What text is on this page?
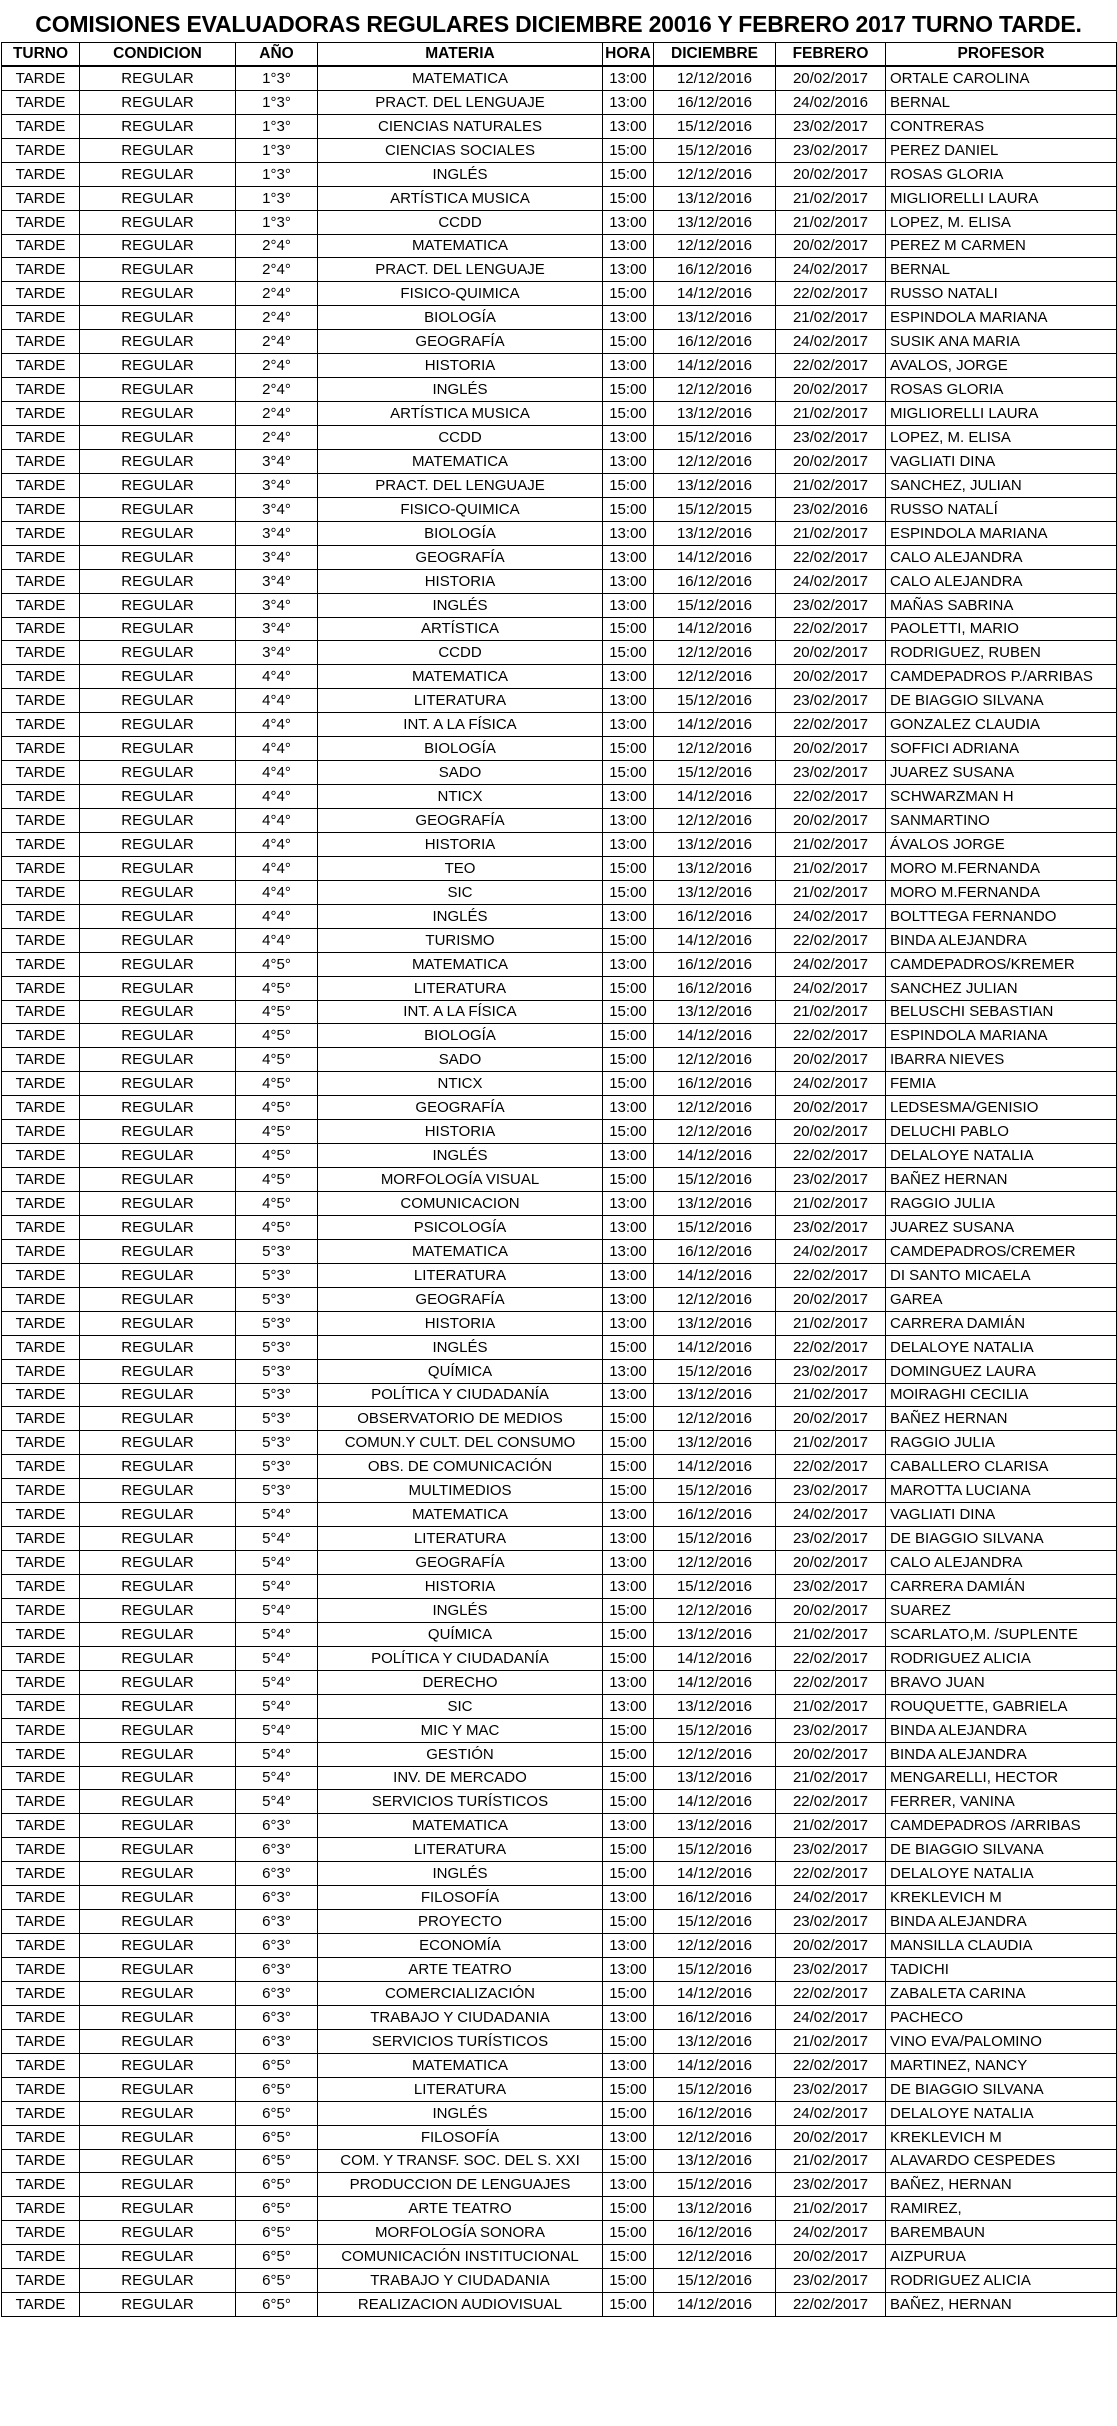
COMISIONES EVALUADORAS REGULARES DICIEMBRE 20016 Y FEBRERO 2017 TURNO TARDE.
TURNO	CONDICION	AÑO	MATERIA	HORA	DICIEMBRE	FEBRERO	PROFESOR
TARDE	REGULAR	1°3°	MATEMATICA	13:00	12/12/2016	20/02/2017	ORTALE CAROLINA
TARDE	REGULAR	1°3°	PRACT. DEL LENGUAJE	13:00	16/12/2016	24/02/2016	BERNAL
TARDE	REGULAR	1°3°	CIENCIAS NATURALES	13:00	15/12/2016	23/02/2017	CONTRERAS
TARDE	REGULAR	1°3°	CIENCIAS SOCIALES	15:00	15/12/2016	23/02/2017	PEREZ DANIEL
TARDE	REGULAR	1°3°	INGLÉS	15:00	12/12/2016	20/02/2017	ROSAS GLORIA
TARDE	REGULAR	1°3°	ARTÍSTICA MUSICA	15:00	13/12/2016	21/02/2017	MIGLIORELLI LAURA
TARDE	REGULAR	1°3°	CCDD	13:00	13/12/2016	21/02/2017	LOPEZ, M. ELISA
TARDE	REGULAR	2°4°	MATEMATICA	13:00	12/12/2016	20/02/2017	PEREZ M CARMEN
TARDE	REGULAR	2°4°	PRACT. DEL LENGUAJE	13:00	16/12/2016	24/02/2017	BERNAL
TARDE	REGULAR	2°4°	FISICO-QUIMICA	15:00	14/12/2016	22/02/2017	RUSSO NATALI
TARDE	REGULAR	2°4°	BIOLOGÍA	13:00	13/12/2016	21/02/2017	ESPINDOLA MARIANA
TARDE	REGULAR	2°4°	GEOGRAFÍA	15:00	16/12/2016	24/02/2017	SUSIK ANA MARIA
TARDE	REGULAR	2°4°	HISTORIA	13:00	14/12/2016	22/02/2017	AVALOS, JORGE
TARDE	REGULAR	2°4°	INGLÉS	15:00	12/12/2016	20/02/2017	ROSAS GLORIA
TARDE	REGULAR	2°4°	ARTÍSTICA MUSICA	15:00	13/12/2016	21/02/2017	MIGLIORELLI LAURA
TARDE	REGULAR	2°4°	CCDD	13:00	15/12/2016	23/02/2017	LOPEZ, M. ELISA
TARDE	REGULAR	3°4°	MATEMATICA	13:00	12/12/2016	20/02/2017	VAGLIATI DINA
TARDE	REGULAR	3°4°	PRACT. DEL LENGUAJE	15:00	13/12/2016	21/02/2017	SANCHEZ, JULIAN
TARDE	REGULAR	3°4°	FISICO-QUIMICA	15:00	15/12/2015	23/02/2016	RUSSO NATALÍ
TARDE	REGULAR	3°4°	BIOLOGÍA	13:00	13/12/2016	21/02/2017	ESPINDOLA MARIANA
TARDE	REGULAR	3°4°	GEOGRAFÍA	13:00	14/12/2016	22/02/2017	CALO ALEJANDRA
TARDE	REGULAR	3°4°	HISTORIA	13:00	16/12/2016	24/02/2017	CALO ALEJANDRA
TARDE	REGULAR	3°4°	INGLÉS	13:00	15/12/2016	23/02/2017	MAÑAS SABRINA
TARDE	REGULAR	3°4°	ARTÍSTICA	15:00	14/12/2016	22/02/2017	PAOLETTI, MARIO
TARDE	REGULAR	3°4°	CCDD	15:00	12/12/2016	20/02/2017	RODRIGUEZ, RUBEN
TARDE	REGULAR	4°4°	MATEMATICA	13:00	12/12/2016	20/02/2017	CAMDEPADROS P./ARRIBAS
TARDE	REGULAR	4°4°	LITERATURA	13:00	15/12/2016	23/02/2017	DE BIAGGIO SILVANA
TARDE	REGULAR	4°4°	INT. A LA FÍSICA	13:00	14/12/2016	22/02/2017	GONZALEZ CLAUDIA
TARDE	REGULAR	4°4°	BIOLOGÍA	15:00	12/12/2016	20/02/2017	SOFFICI ADRIANA
TARDE	REGULAR	4°4°	SADO	15:00	15/12/2016	23/02/2017	JUAREZ SUSANA
TARDE	REGULAR	4°4°	NTICX	13:00	14/12/2016	22/02/2017	SCHWARZMAN H
TARDE	REGULAR	4°4°	GEOGRAFÍA	13:00	12/12/2016	20/02/2017	SANMARTINO
TARDE	REGULAR	4°4°	HISTORIA	13:00	13/12/2016	21/02/2017	ÁVALOS JORGE
TARDE	REGULAR	4°4°	TEO	15:00	13/12/2016	21/02/2017	MORO M.FERNANDA
TARDE	REGULAR	4°4°	SIC	15:00	13/12/2016	21/02/2017	MORO M.FERNANDA
TARDE	REGULAR	4°4°	INGLÉS	13:00	16/12/2016	24/02/2017	BOLTTEGA FERNANDO
TARDE	REGULAR	4°4°	TURISMO	15:00	14/12/2016	22/02/2017	BINDA ALEJANDRA
TARDE	REGULAR	4°5°	MATEMATICA	13:00	16/12/2016	24/02/2017	CAMDEPADROS/KREMER
TARDE	REGULAR	4°5°	LITERATURA	15:00	16/12/2016	24/02/2017	SANCHEZ JULIAN
TARDE	REGULAR	4°5°	INT. A LA FÍSICA	15:00	13/12/2016	21/02/2017	BELUSCHI SEBASTIAN
TARDE	REGULAR	4°5°	BIOLOGÍA	15:00	14/12/2016	22/02/2017	ESPINDOLA MARIANA
TARDE	REGULAR	4°5°	SADO	15:00	12/12/2016	20/02/2017	IBARRA NIEVES
TARDE	REGULAR	4°5°	NTICX	15:00	16/12/2016	24/02/2017	FEMIA
TARDE	REGULAR	4°5°	GEOGRAFÍA	13:00	12/12/2016	20/02/2017	LEDSESMA/GENISIO
TARDE	REGULAR	4°5°	HISTORIA	15:00	12/12/2016	20/02/2017	DELUCHI PABLO
TARDE	REGULAR	4°5°	INGLÉS	13:00	14/12/2016	22/02/2017	DELALOYE NATALIA
TARDE	REGULAR	4°5°	MORFOLOGÍA VISUAL	15:00	15/12/2016	23/02/2017	BAÑEZ HERNAN
TARDE	REGULAR	4°5°	COMUNICACION	13:00	13/12/2016	21/02/2017	RAGGIO JULIA
TARDE	REGULAR	4°5°	PSICOLOGÍA	13:00	15/12/2016	23/02/2017	JUAREZ SUSANA
TARDE	REGULAR	5°3°	MATEMATICA	13:00	16/12/2016	24/02/2017	CAMDEPADROS/CREMER
TARDE	REGULAR	5°3°	LITERATURA	13:00	14/12/2016	22/02/2017	DI SANTO MICAELA
TARDE	REGULAR	5°3°	GEOGRAFÍA	13:00	12/12/2016	20/02/2017	GAREA
TARDE	REGULAR	5°3°	HISTORIA	13:00	13/12/2016	21/02/2017	CARRERA DAMIÁN
TARDE	REGULAR	5°3°	INGLÉS	15:00	14/12/2016	22/02/2017	DELALOYE NATALIA
TARDE	REGULAR	5°3°	QUÍMICA	13:00	15/12/2016	23/02/2017	DOMINGUEZ LAURA
TARDE	REGULAR	5°3°	POLÍTICA Y CIUDADANÍA	13:00	13/12/2016	21/02/2017	MOIRAGHI CECILIA
TARDE	REGULAR	5°3°	OBSERVATORIO DE MEDIOS	15:00	12/12/2016	20/02/2017	BAÑEZ HERNAN
TARDE	REGULAR	5°3°	COMUN.Y CULT. DEL CONSUMO	15:00	13/12/2016	21/02/2017	RAGGIO JULIA
TARDE	REGULAR	5°3°	OBS. DE COMUNICACIÓN	15:00	14/12/2016	22/02/2017	CABALLERO CLARISA
TARDE	REGULAR	5°3°	MULTIMEDIOS	15:00	15/12/2016	23/02/2017	MAROTTA LUCIANA
TARDE	REGULAR	5°4°	MATEMATICA	13:00	16/12/2016	24/02/2017	VAGLIATI DINA
TARDE	REGULAR	5°4°	LITERATURA	13:00	15/12/2016	23/02/2017	DE BIAGGIO SILVANA
TARDE	REGULAR	5°4°	GEOGRAFÍA	13:00	12/12/2016	20/02/2017	CALO ALEJANDRA
TARDE	REGULAR	5°4°	HISTORIA	13:00	15/12/2016	23/02/2017	CARRERA DAMIÁN
TARDE	REGULAR	5°4°	INGLÉS	15:00	12/12/2016	20/02/2017	SUAREZ
TARDE	REGULAR	5°4°	QUÍMICA	15:00	13/12/2016	21/02/2017	SCARLATO,M. /SUPLENTE
TARDE	REGULAR	5°4°	POLÍTICA Y CIUDADANÍA	15:00	14/12/2016	22/02/2017	RODRIGUEZ ALICIA
TARDE	REGULAR	5°4°	DERECHO	13:00	14/12/2016	22/02/2017	BRAVO JUAN
TARDE	REGULAR	5°4°	SIC	13:00	13/12/2016	21/02/2017	ROUQUETTE, GABRIELA
TARDE	REGULAR	5°4°	MIC Y MAC	15:00	15/12/2016	23/02/2017	BINDA ALEJANDRA
TARDE	REGULAR	5°4°	GESTIÓN	15:00	12/12/2016	20/02/2017	BINDA ALEJANDRA
TARDE	REGULAR	5°4°	INV. DE MERCADO	15:00	13/12/2016	21/02/2017	MENGARELLI, HECTOR
TARDE	REGULAR	5°4°	SERVICIOS TURÍSTICOS	15:00	14/12/2016	22/02/2017	FERRER, VANINA
TARDE	REGULAR	6°3°	MATEMATICA	13:00	13/12/2016	21/02/2017	CAMDEPADROS /ARRIBAS
TARDE	REGULAR	6°3°	LITERATURA	15:00	15/12/2016	23/02/2017	DE BIAGGIO SILVANA
TARDE	REGULAR	6°3°	INGLÉS	15:00	14/12/2016	22/02/2017	DELALOYE NATALIA
TARDE	REGULAR	6°3°	FILOSOFÍA	13:00	16/12/2016	24/02/2017	KREKLEVICH M
TARDE	REGULAR	6°3°	PROYECTO	15:00	15/12/2016	23/02/2017	BINDA ALEJANDRA
TARDE	REGULAR	6°3°	ECONOMÍA	13:00	12/12/2016	20/02/2017	MANSILLA CLAUDIA
TARDE	REGULAR	6°3°	ARTE TEATRO	13:00	15/12/2016	23/02/2017	TADICHI
TARDE	REGULAR	6°3°	COMERCIALIZACIÓN	15:00	14/12/2016	22/02/2017	ZABALETA CARINA
TARDE	REGULAR	6°3°	TRABAJO Y CIUDADANIA	13:00	16/12/2016	24/02/2017	PACHECO
TARDE	REGULAR	6°3°	SERVICIOS TURÍSTICOS	15:00	13/12/2016	21/02/2017	VINO EVA/PALOMINO
TARDE	REGULAR	6°5°	MATEMATICA	13:00	14/12/2016	22/02/2017	MARTINEZ, NANCY
TARDE	REGULAR	6°5°	LITERATURA	15:00	15/12/2016	23/02/2017	DE BIAGGIO SILVANA
TARDE	REGULAR	6°5°	INGLÉS	15:00	16/12/2016	24/02/2017	DELALOYE NATALIA
TARDE	REGULAR	6°5°	FILOSOFÍA	13:00	12/12/2016	20/02/2017	KREKLEVICH M
TARDE	REGULAR	6°5°	COM. Y TRANSF. SOC. DEL S. XXI	15:00	13/12/2016	21/02/2017	ALAVARDO CESPEDES
TARDE	REGULAR	6°5°	PRODUCCION DE LENGUAJES	13:00	15/12/2016	23/02/2017	BAÑEZ, HERNAN
TARDE	REGULAR	6°5°	ARTE TEATRO	15:00	13/12/2016	21/02/2017	RAMIREZ,
TARDE	REGULAR	6°5°	MORFOLOGÍA SONORA	15:00	16/12/2016	24/02/2017	BAREMBAUN
TARDE	REGULAR	6°5°	COMUNICACIÓN INSTITUCIONAL	15:00	12/12/2016	20/02/2017	AIZPURUA
TARDE	REGULAR	6°5°	TRABAJO Y CIUDADANIA	15:00	15/12/2016	23/02/2017	RODRIGUEZ ALICIA
TARDE	REGULAR	6°5°	REALIZACION AUDIOVISUAL	15:00	14/12/2016	22/02/2017	BAÑEZ, HERNAN
